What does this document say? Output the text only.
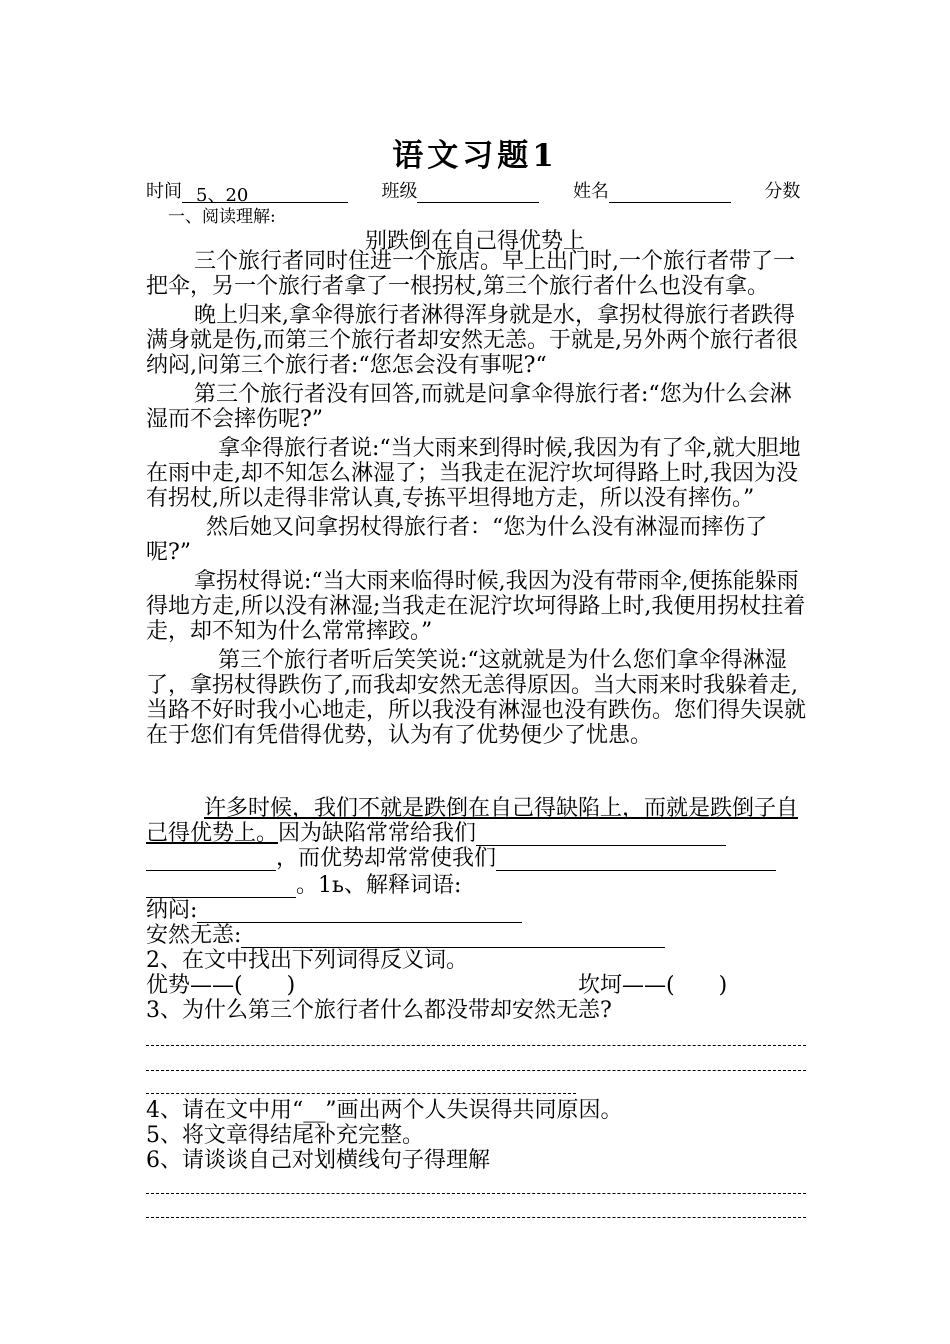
语文习题1
时间 5、20	班级	姓名	分数
一、阅读理解:
别跌倒在自己得优势上

三个旅行者同时住进一个旅店。早上出门时,一个旅行者带了一把伞，另一个旅行者拿了一根拐杖,第三个旅行者什么也没有拿。

晚上归来,拿伞得旅行者淋得浑身就是水，拿拐杖得旅行者跌得满身就是伤,而第三个旅行者却安然无恙。于就是,另外两个旅行者很纳闷,问第三个旅行者:“您怎会没有事呢?“

第三个旅行者没有回答,而就是问拿伞得旅行者:“您为什么会淋湿而不会摔伤呢?”

拿伞得旅行者说:“当大雨来到得时候,我因为有了伞,就大胆地在雨中走,却不知怎么淋湿了；当我走在泥泞坎坷得路上时,我因为没有拐杖,所以走得非常认真,专拣平坦得地方走，所以没有摔伤。”

然后她又问拿拐杖得旅行者：“您为什么没有淋湿而摔伤了呢?”

拿拐杖得说:“当大雨来临得时候,我因为没有带雨伞,便拣能躲雨得地方走,所以没有淋湿;当我走在泥泞坎坷得路上时,我便用拐杖拄着走，却不知为什么常常摔跤。”

第三个旅行者听后笑笑说:“这就就是为什么您们拿伞得淋湿了，拿拐杖得跌伤了,而我却安然无恙得原因。当大雨来时我躲着走,当路不好时我小心地走，所以我没有淋湿也没有跌伤。您们得失误就在于您们有凭借得优势，认为有了优势便少了忧患。

许多时候，我们不就是跌倒在自己得缺陷上，而就是跌倒子自己得优势上。因为缺陷常常给我们

，而优势却常常使我们
。1ь、解释词语:
纳闷:
安然无恙:
2、在文中找出下列词得反义词。
优势——(　　)	坎坷——(　　)
3、为什么第三个旅行者什么都没带却安然无恙?
4、请在文中用“__”画出两个人失误得共同原因。
5、将文章得结尾补充完整。
6、请谈谈自己对划横线句子得理解
